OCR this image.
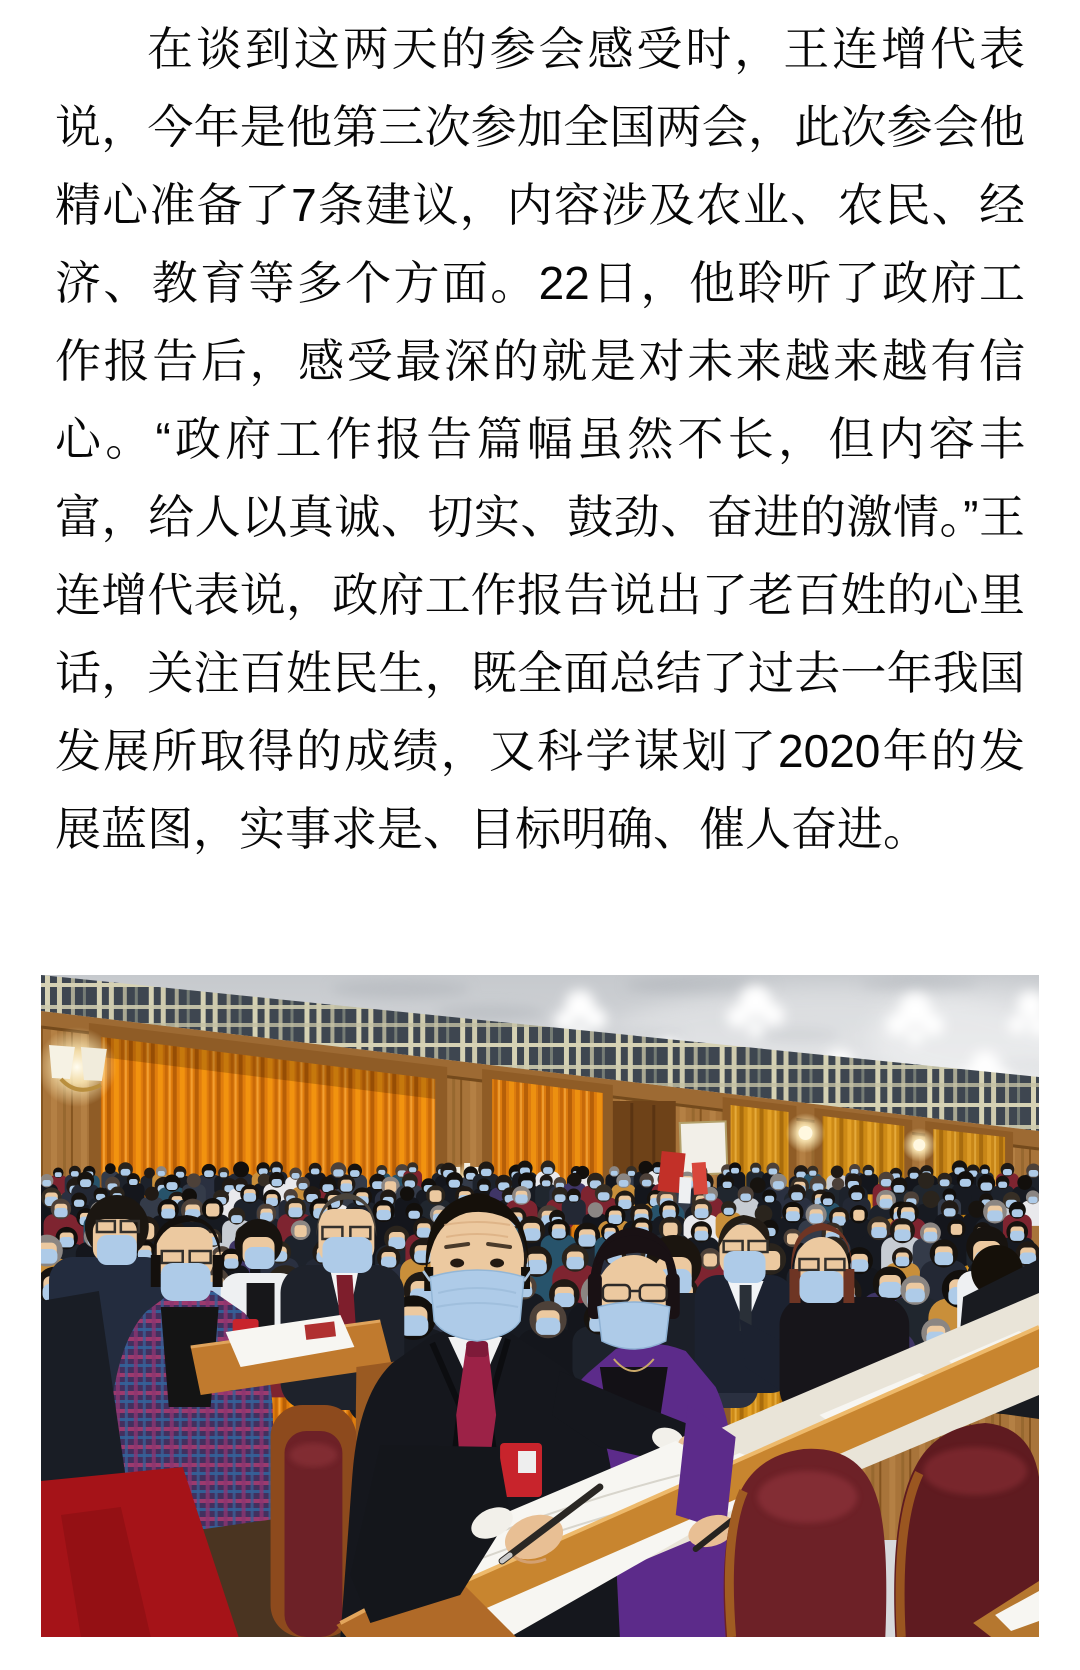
在谈到这两天的参会感受时，王连增代表说，今年是他第三次参加全国两会，此次参会他精心准备了7条建议，内容涉及农业、农民、经济、教育等多个方面。22日，他聆听了政府工作报告后，感受最深的就是对未来越来越有信心。“政府工作报告篇幅虽然不长，但内容丰富，给人以真诚、切实、鼓劲、奋进的激情。”王连增代表说，政府工作报告说出了老百姓的心里话，关注百姓民生，既全面总结了过去一年我国发展所取得的成绩，又科学谋划了2020年的发展蓝图，实事求是、目标明确、催人奋进。
